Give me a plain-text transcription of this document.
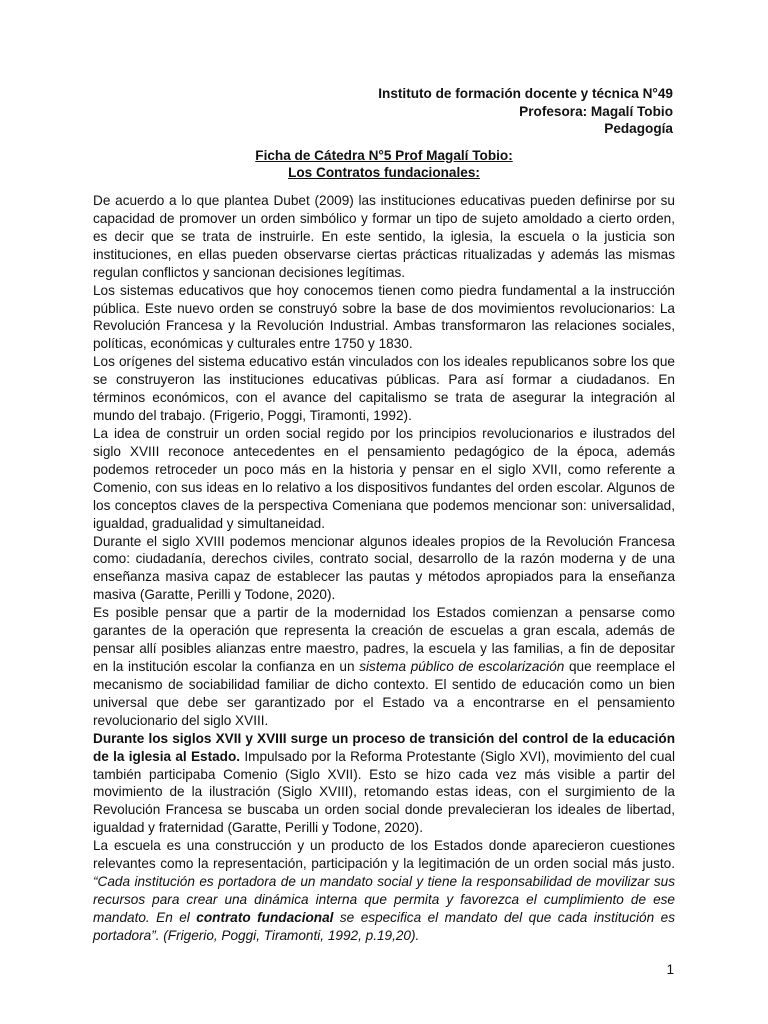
Instituto de formación docente y técnica N°49
Profesora: Magalí Tobio
Pedagogía
Ficha de Cátedra N°5 Prof Magalí Tobio:
Los Contratos fundacionales:

De acuerdo a lo que plantea Dubet (2009) las instituciones educativas pueden definirse por su capacidad de promover un orden simbólico y formar un tipo de sujeto amoldado a cierto orden, es decir que se trata de instruirle. En este sentido, la iglesia, la escuela o la justicia son instituciones, en ellas pueden observarse ciertas prácticas ritualizadas y además las mismas regulan conflictos y sancionan decisiones legítimas.

Los sistemas educativos que hoy conocemos tienen como piedra fundamental a la instrucción pública. Este nuevo orden se construyó sobre la base de dos movimientos revolucionarios: La Revolución Francesa y la Revolución Industrial. Ambas transformaron las relaciones sociales, políticas, económicas y culturales entre 1750 y 1830.

Los orígenes del sistema educativo están vinculados con los ideales republicanos sobre los que se construyeron las instituciones educativas públicas. Para así formar a ciudadanos. En términos económicos, con el avance del capitalismo se trata de asegurar la integración al mundo del trabajo. (Frigerio, Poggi, Tiramonti, 1992).

La idea de construir un orden social regido por los principios revolucionarios e ilustrados del siglo XVIII reconoce antecedentes en el pensamiento pedagógico de la época, además podemos retroceder un poco más en la historia y pensar en el siglo XVII, como referente a Comenio, con sus ideas en lo relativo a los dispositivos fundantes del orden escolar. Algunos de los conceptos claves de la perspectiva Comeniana que podemos mencionar son: universalidad, igualdad, gradualidad y simultaneidad.

Durante el siglo XVIII podemos mencionar algunos ideales propios de la Revolución Francesa como: ciudadanía, derechos civiles, contrato social, desarrollo de la razón moderna y de una enseñanza masiva capaz de establecer las pautas y métodos apropiados para la enseñanza masiva (Garatte, Perilli y Todone, 2020).

Es posible pensar que a partir de la modernidad los Estados comienzan a pensarse como garantes de la operación que representa la creación de escuelas a gran escala, además de pensar allí posibles alianzas entre maestro, padres, la escuela y las familias, a fin de depositar en la institución escolar la confianza en un sistema público de escolarización que reemplace el mecanismo de sociabilidad familiar de dicho contexto. El sentido de educación como un bien universal que debe ser garantizado por el Estado va a encontrarse en el pensamiento revolucionario del siglo XVIII.

Durante los siglos XVII y XVIII surge un proceso de transición del control de la educación de la iglesia al Estado. Impulsado por la Reforma Protestante (Siglo XVI), movimiento del cual también participaba Comenio (Siglo XVII). Esto se hizo cada vez más visible a partir del movimiento de la ilustración (Siglo XVIII), retomando estas ideas, con el surgimiento de la Revolución Francesa se buscaba un orden social donde prevalecieran los ideales de libertad, igualdad y fraternidad (Garatte, Perilli y Todone, 2020).

La escuela es una construcción y un producto de los Estados donde aparecieron cuestiones relevantes como la representación, participación y la legitimación de un orden social más justo. “Cada institución es portadora de un mandato social y tiene la responsabilidad de movilizar sus recursos para crear una dinámica interna que permita y favorezca el cumplimiento de ese mandato. En el contrato fundacional se especifica el mandato del que cada institución es portadora”. (Frigerio, Poggi, Tiramonti, 1992, p.19,20).

1
